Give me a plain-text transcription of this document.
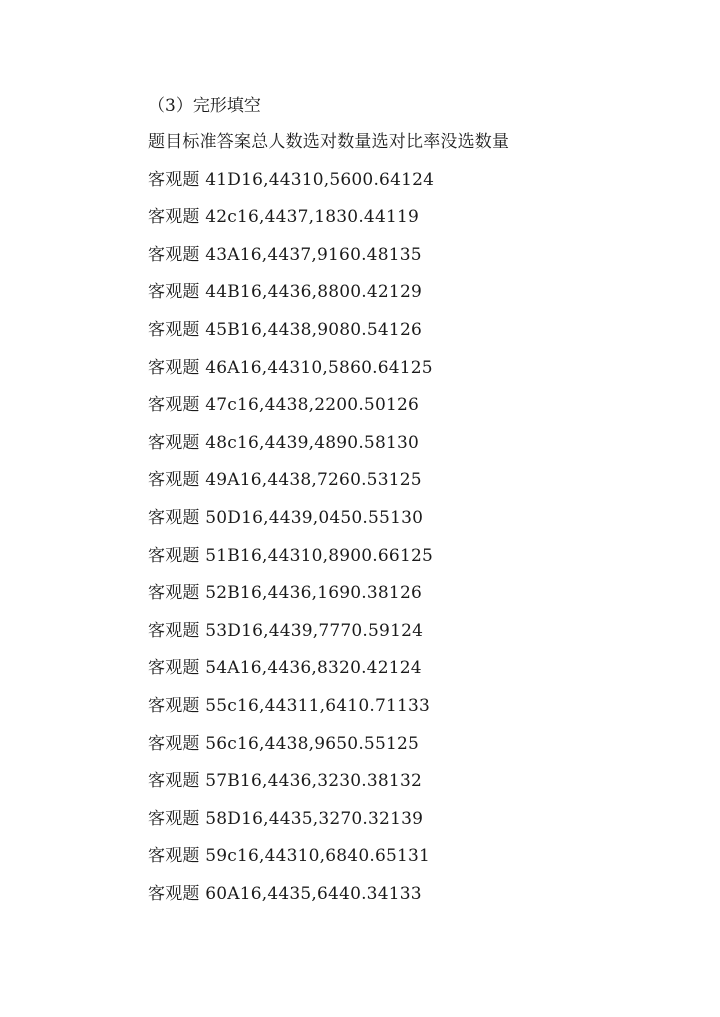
（3）完形填空
题目标准答案总人数选对数量选对比率没选数量
客观题 41D16,44310,5600.64124
客观题 42c16,4437,1830.44119
客观题 43A16,4437,9160.48135
客观题 44B16,4436,8800.42129
客观题 45B16,4438,9080.54126
客观题 46A16,44310,5860.64125
客观题 47c16,4438,2200.50126
客观题 48c16,4439,4890.58130
客观题 49A16,4438,7260.53125
客观题 50D16,4439,0450.55130
客观题 51B16,44310,8900.66125
客观题 52B16,4436,1690.38126
客观题 53D16,4439,7770.59124
客观题 54A16,4436,8320.42124
客观题 55c16,44311,6410.71133
客观题 56c16,4438,9650.55125
客观题 57B16,4436,3230.38132
客观题 58D16,4435,3270.32139
客观题 59c16,44310,6840.65131
客观题 60A16,4435,6440.34133
